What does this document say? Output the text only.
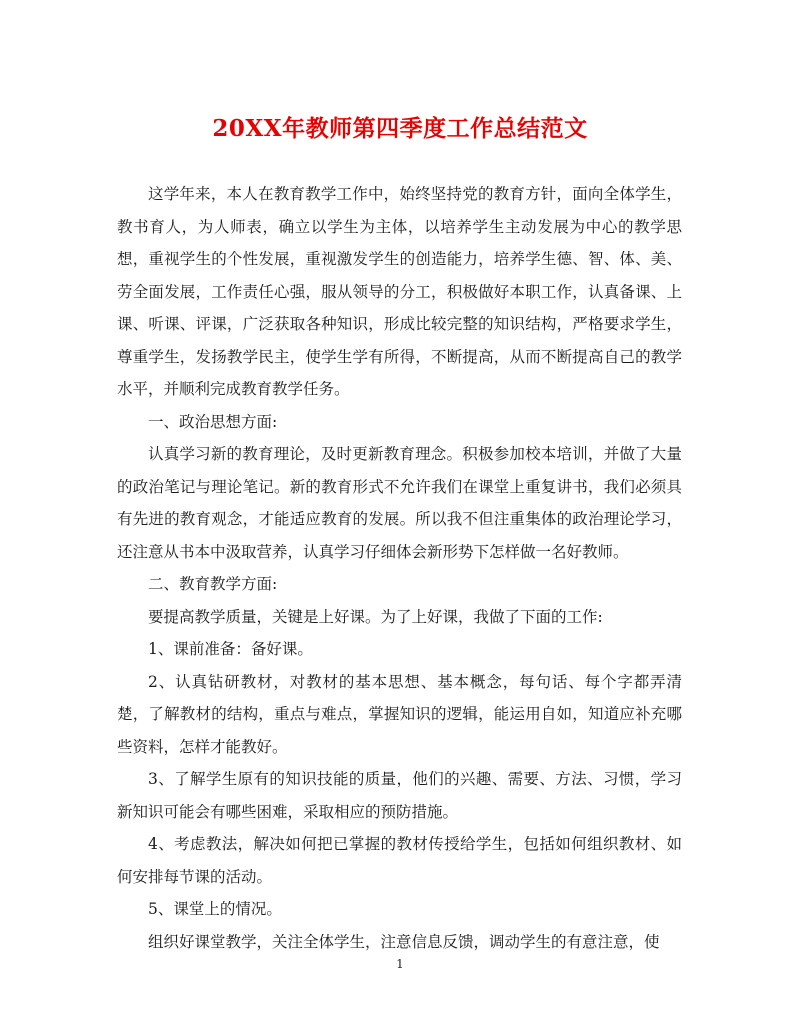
20XX年教师第四季度工作总结范文

这学年来，本人在教育教学工作中，始终坚持党的教育方针，面向全体学生，教书育人，为人师表，确立以学生为主体，以培养学生主动发展为中心的教学思想，重视学生的个性发展，重视激发学生的创造能力，培养学生德、智、体、美、劳全面发展，工作责任心强，服从领导的分工，积极做好本职工作，认真备课、上课、听课、评课，广泛获取各种知识，形成比较完整的知识结构，严格要求学生，尊重学生，发扬教学民主，使学生学有所得，不断提高，从而不断提高自己的教学水平，并顺利完成教育教学任务。

一、政治思想方面:

认真学习新的教育理论，及时更新教育理念。积极参加校本培训，并做了大量的政治笔记与理论笔记。新的教育形式不允许我们在课堂上重复讲书，我们必须具有先进的教育观念，才能适应教育的发展。所以我不但注重集体的政治理论学习，还注意从书本中汲取营养，认真学习仔细体会新形势下怎样做一名好教师。

二、教育教学方面:

要提高教学质量，关键是上好课。为了上好课，我做了下面的工作:

1、课前准备：备好课。

2、认真钻研教材，对教材的基本思想、基本概念，每句话、每个字都弄清楚，了解教材的结构，重点与难点，掌握知识的逻辑，能运用自如，知道应补充哪些资料，怎样才能教好。

3、了解学生原有的知识技能的质量，他们的兴趣、需要、方法、习惯，学习新知识可能会有哪些困难，采取相应的预防措施。

4、考虑教法，解决如何把已掌握的教材传授给学生，包括如何组织教材、如何安排每节课的活动。

5、课堂上的情况。

组织好课堂教学，关注全体学生，注意信息反馈，调动学生的有意注意，使

1
